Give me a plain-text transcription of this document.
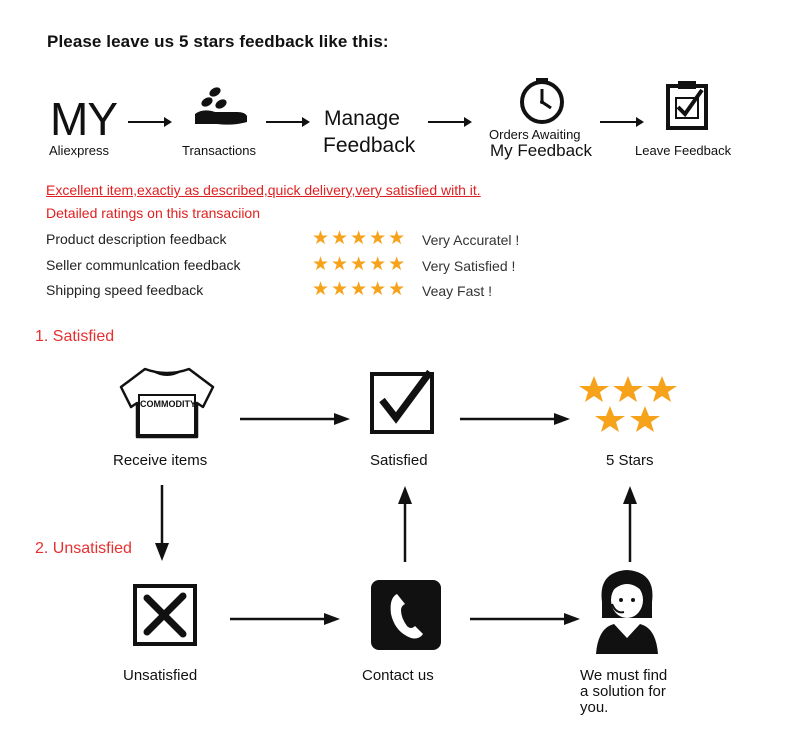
Please leave us 5 stars feedback like this:
MY
Aliexpress	Transactions
Manage
Feedback	Orders Awaiting
My Feedback	Leave Feedback
Excellent item,exactiy as described,quick delivery,very satisfied with it.
Detailed ratings on this transaciion
Product description feedback	★★★★★ Very Accuratel !
Seller communlcation feedback	★★★★★ Very Satisfied !
Shipping speed feedback	★★★★★ Veay Fast !
1. Satisfied
COMMODITY
Receive items	Satisfied	5 Stars
2. Unsatisfied
Unsatisfied	Contact us	We must find
a solution for
you.
